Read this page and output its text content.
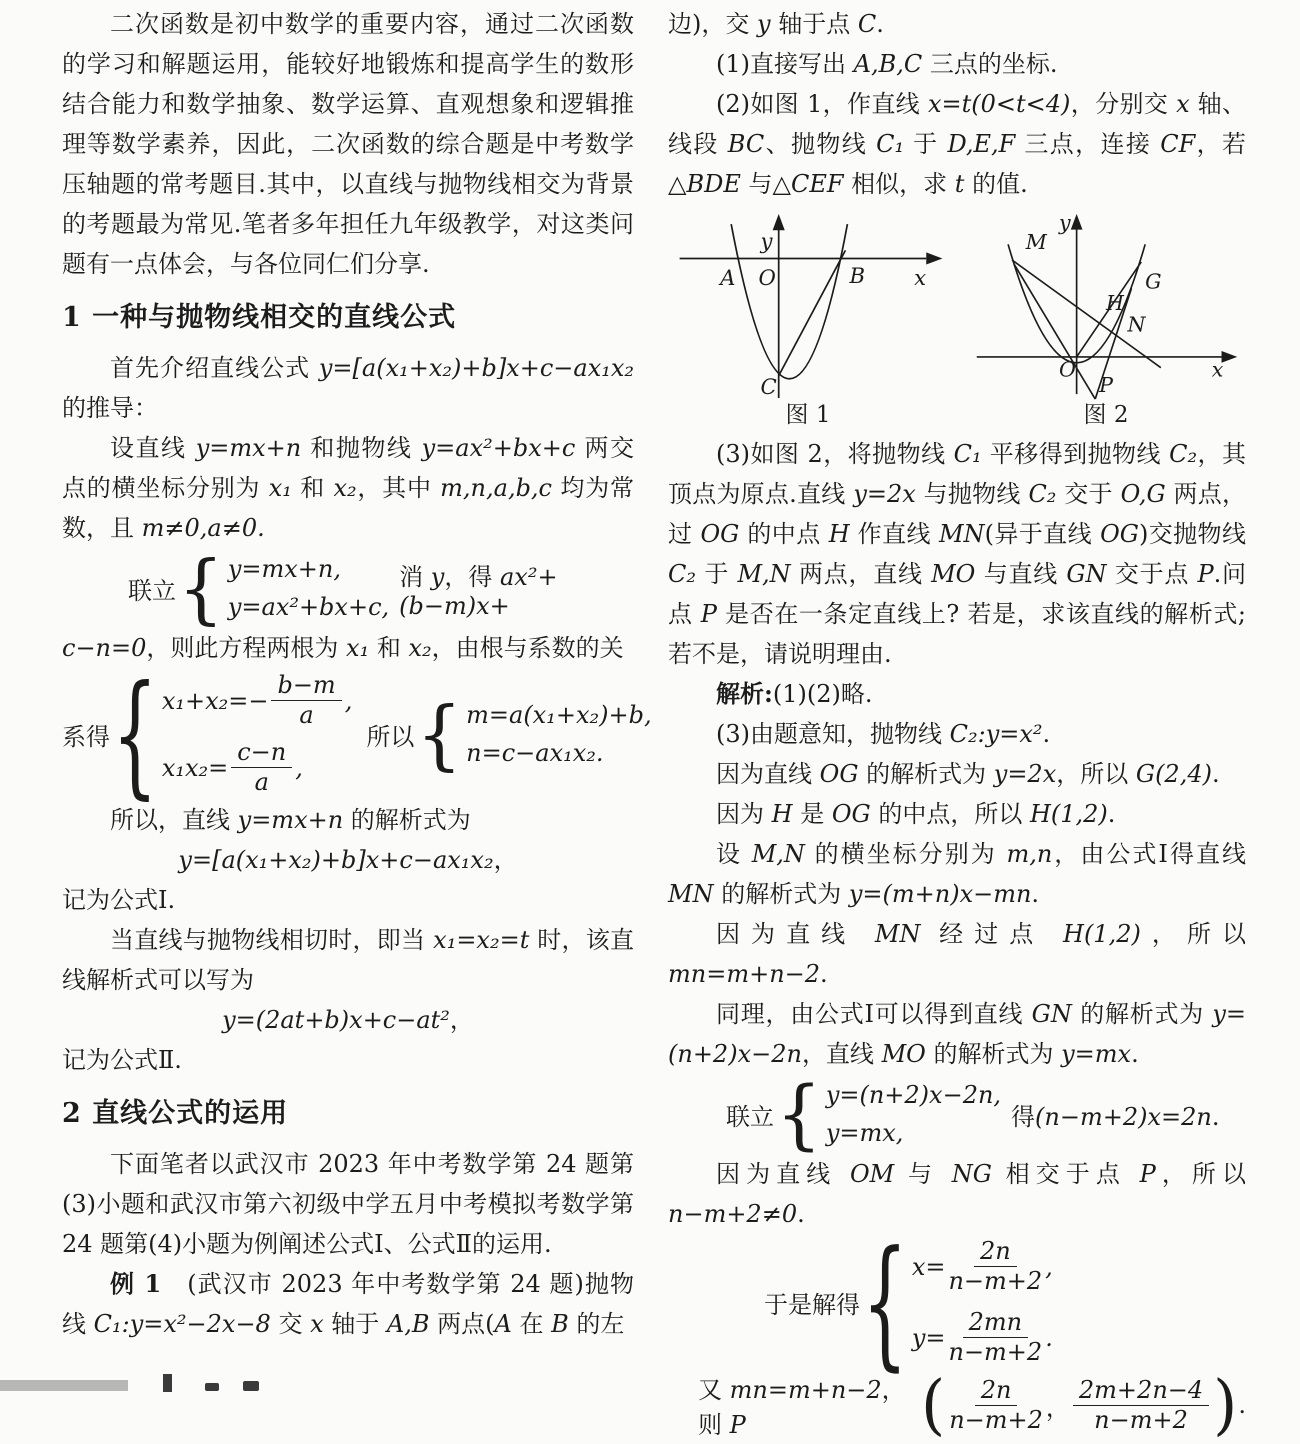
二次函数是初中数学的重要内容，通过二次函数的学习和解题运用，能较好地锻炼和提高学生的数形结合能力和数学抽象、数学运算、直观想象和逻辑推理等数学素养，因此，二次函数的综合题是中考数学压轴题的常考题目.其中，以直线与抛物线相交为背景的考题最为常见.笔者多年担任九年级教学，对这类问题有一点体会，与各位同仁们分享.

1 一种与抛物线相交的直线公式

首先介绍直线公式 y=[a(x₁+x₂)+b]x+c−ax₁x₂ 的推导：

设直线 y=mx+n 和抛物线 y=ax²+bx+c 两交点的横坐标分别为 x₁ 和 x₂，其中 m,n,a,b,c 均为常数，且 m≠0,a≠0.

联立 { y=mx+n,
y=ax²+bx+c,
消 y，得 ax²+(b−m)x+

c−n=0，则此方程两根为 x₁ 和 x₂，由根与系数的关

系得 { $x_1+x_2=- \frac{b-m}{a}$ ,
$x_1x_2= \frac{c-n}{a}$ ,
所以 { m=a(x₁+x₂)+b,
n=c−ax₁x₂.

所以，直线 y=mx+n 的解析式为

y=[a(x₁+x₂)+b]x+c−ax₁x₂，

记为公式Ⅰ.

当直线与抛物线相切时，即当 x₁=x₂=t 时，该直线解析式可以写为

y=(2at+b)x+c−at²，

记为公式Ⅱ.

2 直线公式的运用

下面笔者以武汉市 2023 年中考数学第 24 题第(3)小题和武汉市第六初级中学五月中考模拟考数学第 24 题第(4)小题为例阐述公式Ⅰ、公式Ⅱ的运用.

例 1　(武汉市 2023 年中考数学第 24 题)抛物线 C₁:y=x²−2x−8 交 x 轴于 A,B 两点(A 在 B 的左

边)，交 y 轴于点 C.

(1)直接写出 A,B,C 三点的坐标.

(2)如图 1，作直线 x=t(0<t<4)，分别交 x 轴、线段 BC、抛物线 C₁ 于 D,E,F 三点，连接 CF，若△BDE 与△CEF 相似，求 t 的值.

y
x
A O	B
C
图 1
y
x
M
G
H
N
O
P
图 2

(3)如图 2，将抛物线 C₁ 平移得到抛物线 C₂，其顶点为原点.直线 y=2x 与抛物线 C₂ 交于 O,G 两点，过 OG 的中点 H 作直线 MN(异于直线 OG)交抛物线 C₂ 于 M,N 两点，直线 MO 与直线 GN 交于点 P.问点 P 是否在一条定直线上? 若是，求该直线的解析式;若不是，请说明理由.

解析:(1)(2)略.

(3)由题意知，抛物线 C₂:y=x².

因为直线 OG 的解析式为 y=2x，所以 G(2,4).

因为 H 是 OG 的中点，所以 H(1,2).

设 M,N 的横坐标分别为 m,n，由公式Ⅰ得直线 MN 的解析式为 y=(m+n)x−mn.

因为直线 MN 经过点 H(1,2)，所以 mn=m+n−2.

同理，由公式Ⅰ可以得到直线 GN 的解析式为 y=(n+2)x−2n，直线 MO 的解析式为 y=mx.

联立 { y=(n+2)x−2n,
y=mx,
得(n−m+2)x=2n.

因为直线 OM 与 NG 相交于点 P，所以 n−m+2≠0.

于是解得 { $x= \frac{2n}{n-m+2}$ ,
$y= \frac{2mn}{n-m+2}$ .
又 mn=m+n−2，则 P	( $\frac{2n}{n-m+2}$ ， $\frac{2m+2n-4}{n-m+2}$ ) .
